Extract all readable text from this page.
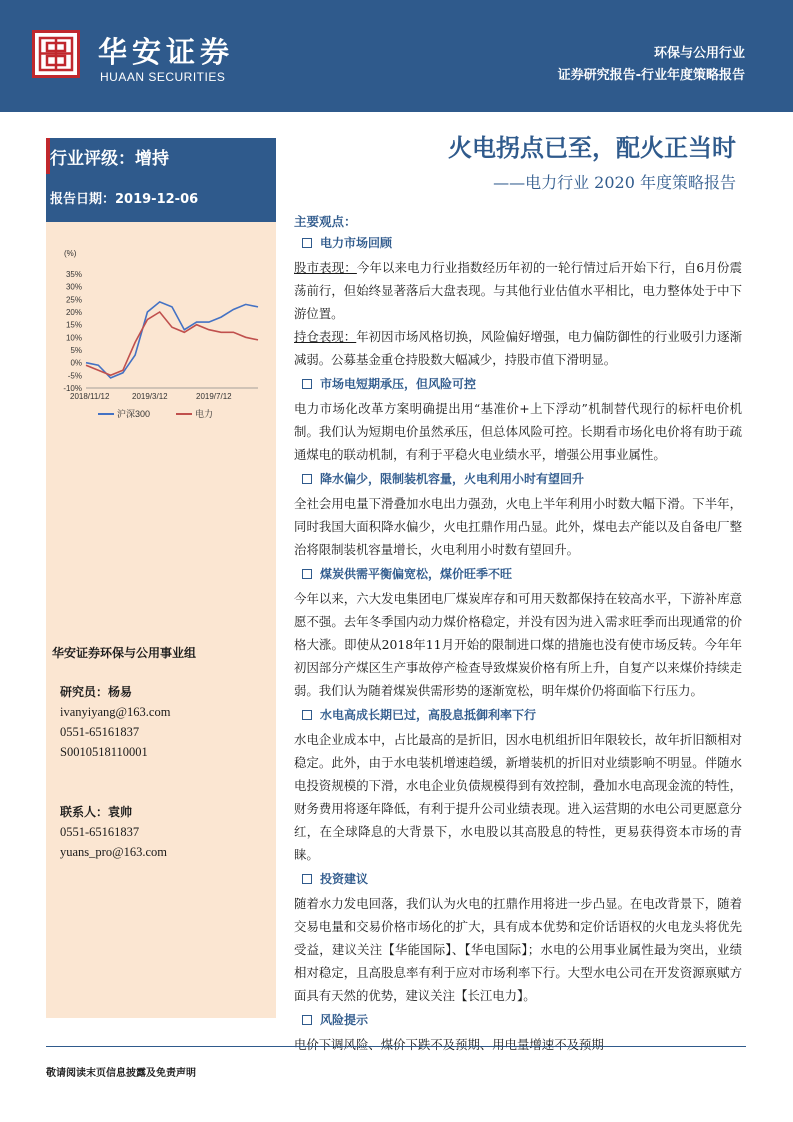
华安证券
HUAAN SECURITIES
环保与公用行业
证券研究报告-行业年度策略报告
行业评级：增持
报告日期：2019-12-06
(%)
35%
30%
25%
20%
15%
10%
5%
0%
-5%
-10%
2018/11/12	2019/3/12	2019/7/12
沪深300	电力
华安证券环保与公用事业组
研究员：杨易
ivanyiyang@163.com
0551-65161837
S0010518110001
联系人：袁帅
0551-65161837
yuans_pro@163.com
火电拐点已至，配火正当时
——电力行业 2020 年度策略报告
主要观点：
电力市场回顾
股市表现：今年以来电力行业指数经历年初的一轮行情过后开始下行，自6月份震荡前行，但始终显著落后大盘表现。与其他行业估值水平相比，电力整体处于中下游位置。
持仓表现：年初因市场风格切换，风险偏好增强，电力偏防御性的行业吸引力逐渐减弱。公募基金重仓持股数大幅减少，持股市值下滑明显。
市场电短期承压，但风险可控
电力市场化改革方案明确提出用“基准价+上下浮动”机制替代现行的标杆电价机制。我们认为短期电价虽然承压，但总体风险可控。长期看市场化电价将有助于疏通煤电的联动机制，有利于平稳火电业绩水平，增强公用事业属性。
降水偏少，限制装机容量，火电利用小时有望回升
全社会用电量下滑叠加水电出力强劲，火电上半年利用小时数大幅下滑。下半年，同时我国大面积降水偏少，火电扛鼎作用凸显。此外，煤电去产能以及自备电厂整治将限制装机容量增长，火电利用小时数有望回升。
煤炭供需平衡偏宽松，煤价旺季不旺
今年以来，六大发电集团电厂煤炭库存和可用天数都保持在较高水平，下游补库意愿不强。去年冬季国内动力煤价格稳定，并没有因为进入需求旺季而出现通常的价格大涨。即使从2018年11月开始的限制进口煤的措施也没有使市场反转。今年年初因部分产煤区生产事故停产检查导致煤炭价格有所上升，自复产以来煤价持续走弱。我们认为随着煤炭供需形势的逐渐宽松，明年煤价仍将面临下行压力。
水电高成长期已过，高股息抵御利率下行
水电企业成本中，占比最高的是折旧，因水电机组折旧年限较长，故年折旧额相对稳定。此外，由于水电装机增速趋缓，新增装机的折旧对业绩影响不明显。伴随水电投资规模的下滑，水电企业负债规模得到有效控制，叠加水电高现金流的特性，财务费用将逐年降低，有利于提升公司业绩表现。进入运营期的水电公司更愿意分红，在全球降息的大背景下，水电股以其高股息的特性，更易获得资本市场的青睐。
投资建议
随着水力发电回落，我们认为火电的扛鼎作用将进一步凸显。在电改背景下，随着交易电量和交易价格市场化的扩大，具有成本优势和定价话语权的火电龙头将优先受益，建议关注【华能国际】、【华电国际】；水电的公用事业属性最为突出，业绩相对稳定，且高股息率有利于应对市场利率下行。大型水电公司在开发资源禀赋方面具有天然的优势，建议关注【长江电力】。
风险提示
电价下调风险、煤价下跌不及预期、用电量增速不及预期
敬请阅读末页信息披露及免责声明
